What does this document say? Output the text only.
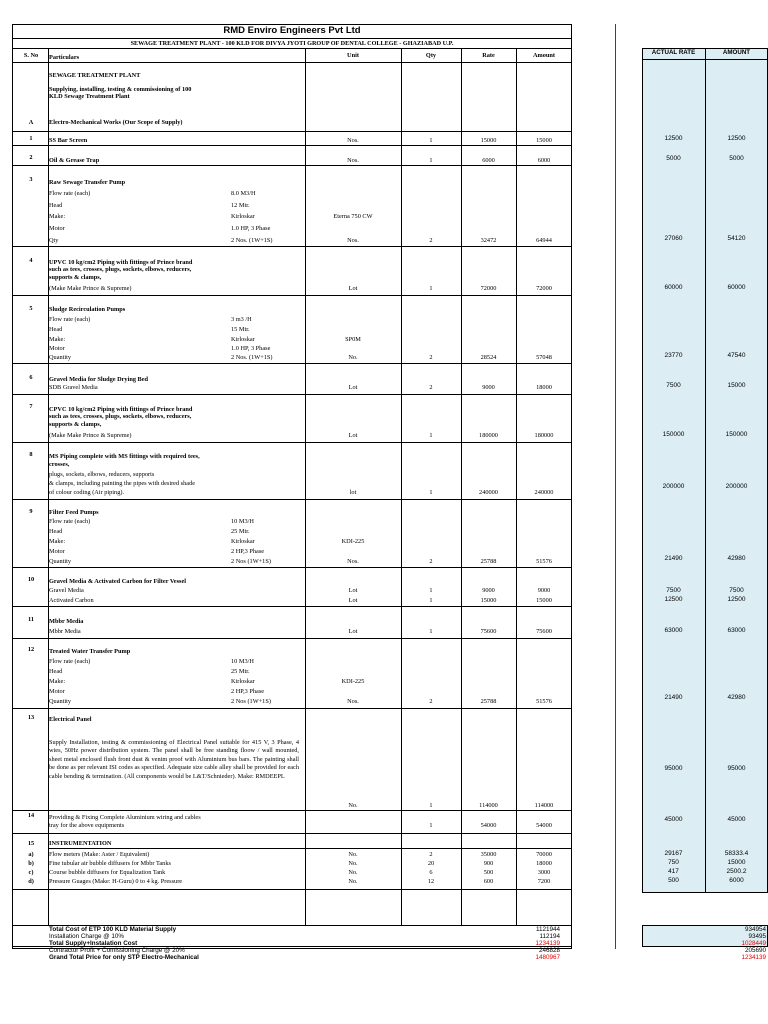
RMD Enviro Engineers Pvt Ltd
SEWAGE TREATMENT PLANT - 100 KLD FOR DIVYA JYOTI GROUP OF DENTAL COLLEGE - GHAZIABAD U.P.
S. No	Particulars	Unit	Qty	Rate	Amount
SEWAGE TREATMENT PLANT
Supplying, installing, testing & commissioning of 100
KLD Sewage Treatment Plant
A	Electro-Mechanical Works (Our Scope of Supply)
1	SS Bar Screen	Nos.	1	15000	15000
2	Oil & Grease Trap	Nos.	1	6000	6000
3	Raw Sewage Transfer Pump
Flow rate (each)	8.0 M3/H
Head	12 Mtr.
Make:	Kirloskar	Eterna 750 CW
Motor	1.0 HP, 3 Phase
Qty	2 Nos. (1W+1S)	Nos.	2	32472	64944
4	UPVC 10 kg/cm2 Piping with fittings of Prince brand
such as tees, crosses, plugs, sockets, elbows, reducers,
supports & clamps,
(Make Make Prince & Supreme)	Lot	1	72000	72000
5	Sludge Recirculation Pumps
Flow rate (each)	3 m3 /H
Head	15 Mtr.
Make:	Kirloskar	SP0M
Motor	1.0 HP, 3 Phase
Quantity	2 Nos. (1W+1S)	No.	2	28524	57048
6	Gravel Media for Sludge Drying Bed
SDB Gravel Media	Lot	2	9000	18000
7	CPVC 10 kg/cm2 Piping with fittings of Prince brand
such as tees, crosses, plugs, sockets, elbows, reducers,
supports & clamps,
(Make Make Prince & Supreme)	Lot	1	180000	180000
8	MS Piping complete with MS fittings with required tees,
crosses,
plugs, sockets, elbows, reducers, supports
& clamps, including painting the pipes with desired shade
of colour coding (Air piping).	lot	1	240000	240000
9	Filter Feed Pumps
Flow rate (each)	10 M3/H
Head	25 Mtr.
Make:	Kirloskar	KDI-225
Motor	2 HP,3 Phase
Quantity	2 Nos (1W+1S)	Nos.	2	25788	51576
10	Gravel Media & Activated Carbon for Filter Vessel
Gravel Media	Lot	1	9000	9000
Activated Carbon	Lot	1	15000	15000
11	Mbbr Media
Mbbr Media	Lot	1	75600	75600
12	Treated Water Transfer Pump
Flow rate (each)	10 M3/H
Head	25 Mtr.
Make:	Kirloskar	KDI-225
Motor	2 HP,3 Phase
Quantity	2 Nos (1W+1S)	Nos.	2	25788	51576
13	Electrical Panel
Supply Installation, testing & commissioning of Electrical Panel suitable for 415 V, 3 Phase, 4 wies, 50Hz power distribution system. The panel shall be free standing floow / wall mounted, sheet metal enclosed flush front dust & venim proof with Aluminium bus bars. The painting shall be done as per relevant ISI codes as specified. Adequate size cable alley shall be provided for each cable bending & termination. (All components would be L&T/Schnieder). Make: RMDEEPL
No.	1	114000	114000
14	Providing & Fixing Complete Aluminium wiring and cables
tray for the above equipments	1	54000	54000
15	INSTRUMENTATION
a)	Flow meters (Make: Aster / Equivalent)	No.	2	35000	70000
b)	Fine tubular air bubble diffusers for Mbbr Tanks	No.	20	900	18000
c)	Course bubble diffusers for Equalization Tank	No.	6	500	3000
d)	Pressure Guages (Make: H-Guru) 0 to 4 kg. Pressure	No.	12	600	7200
ACTUAL RATE	AMOUNT
12500	12500
5000	5000
27060	54120
60000	60000
23770	47540
7500	15000
150000	150000
200000	200000
21490	42980
7500	7500
12500	12500
63000	63000
21490	42980
95000	95000
45000	45000
29167	58333.4
750	15000
417	2500.2
500	6000
Total Cost of ETP 100 KLD Material Supply	1121944	934954
Installation Charge @ 10%	112194	93495
Total Supply+Instalation Cost	1234139	1028449
Contractor Profit + Comissioning Charge @ 20%	246828	205690
Grand Total Price for only STP Electro-Mechanical	1480967	1234139
